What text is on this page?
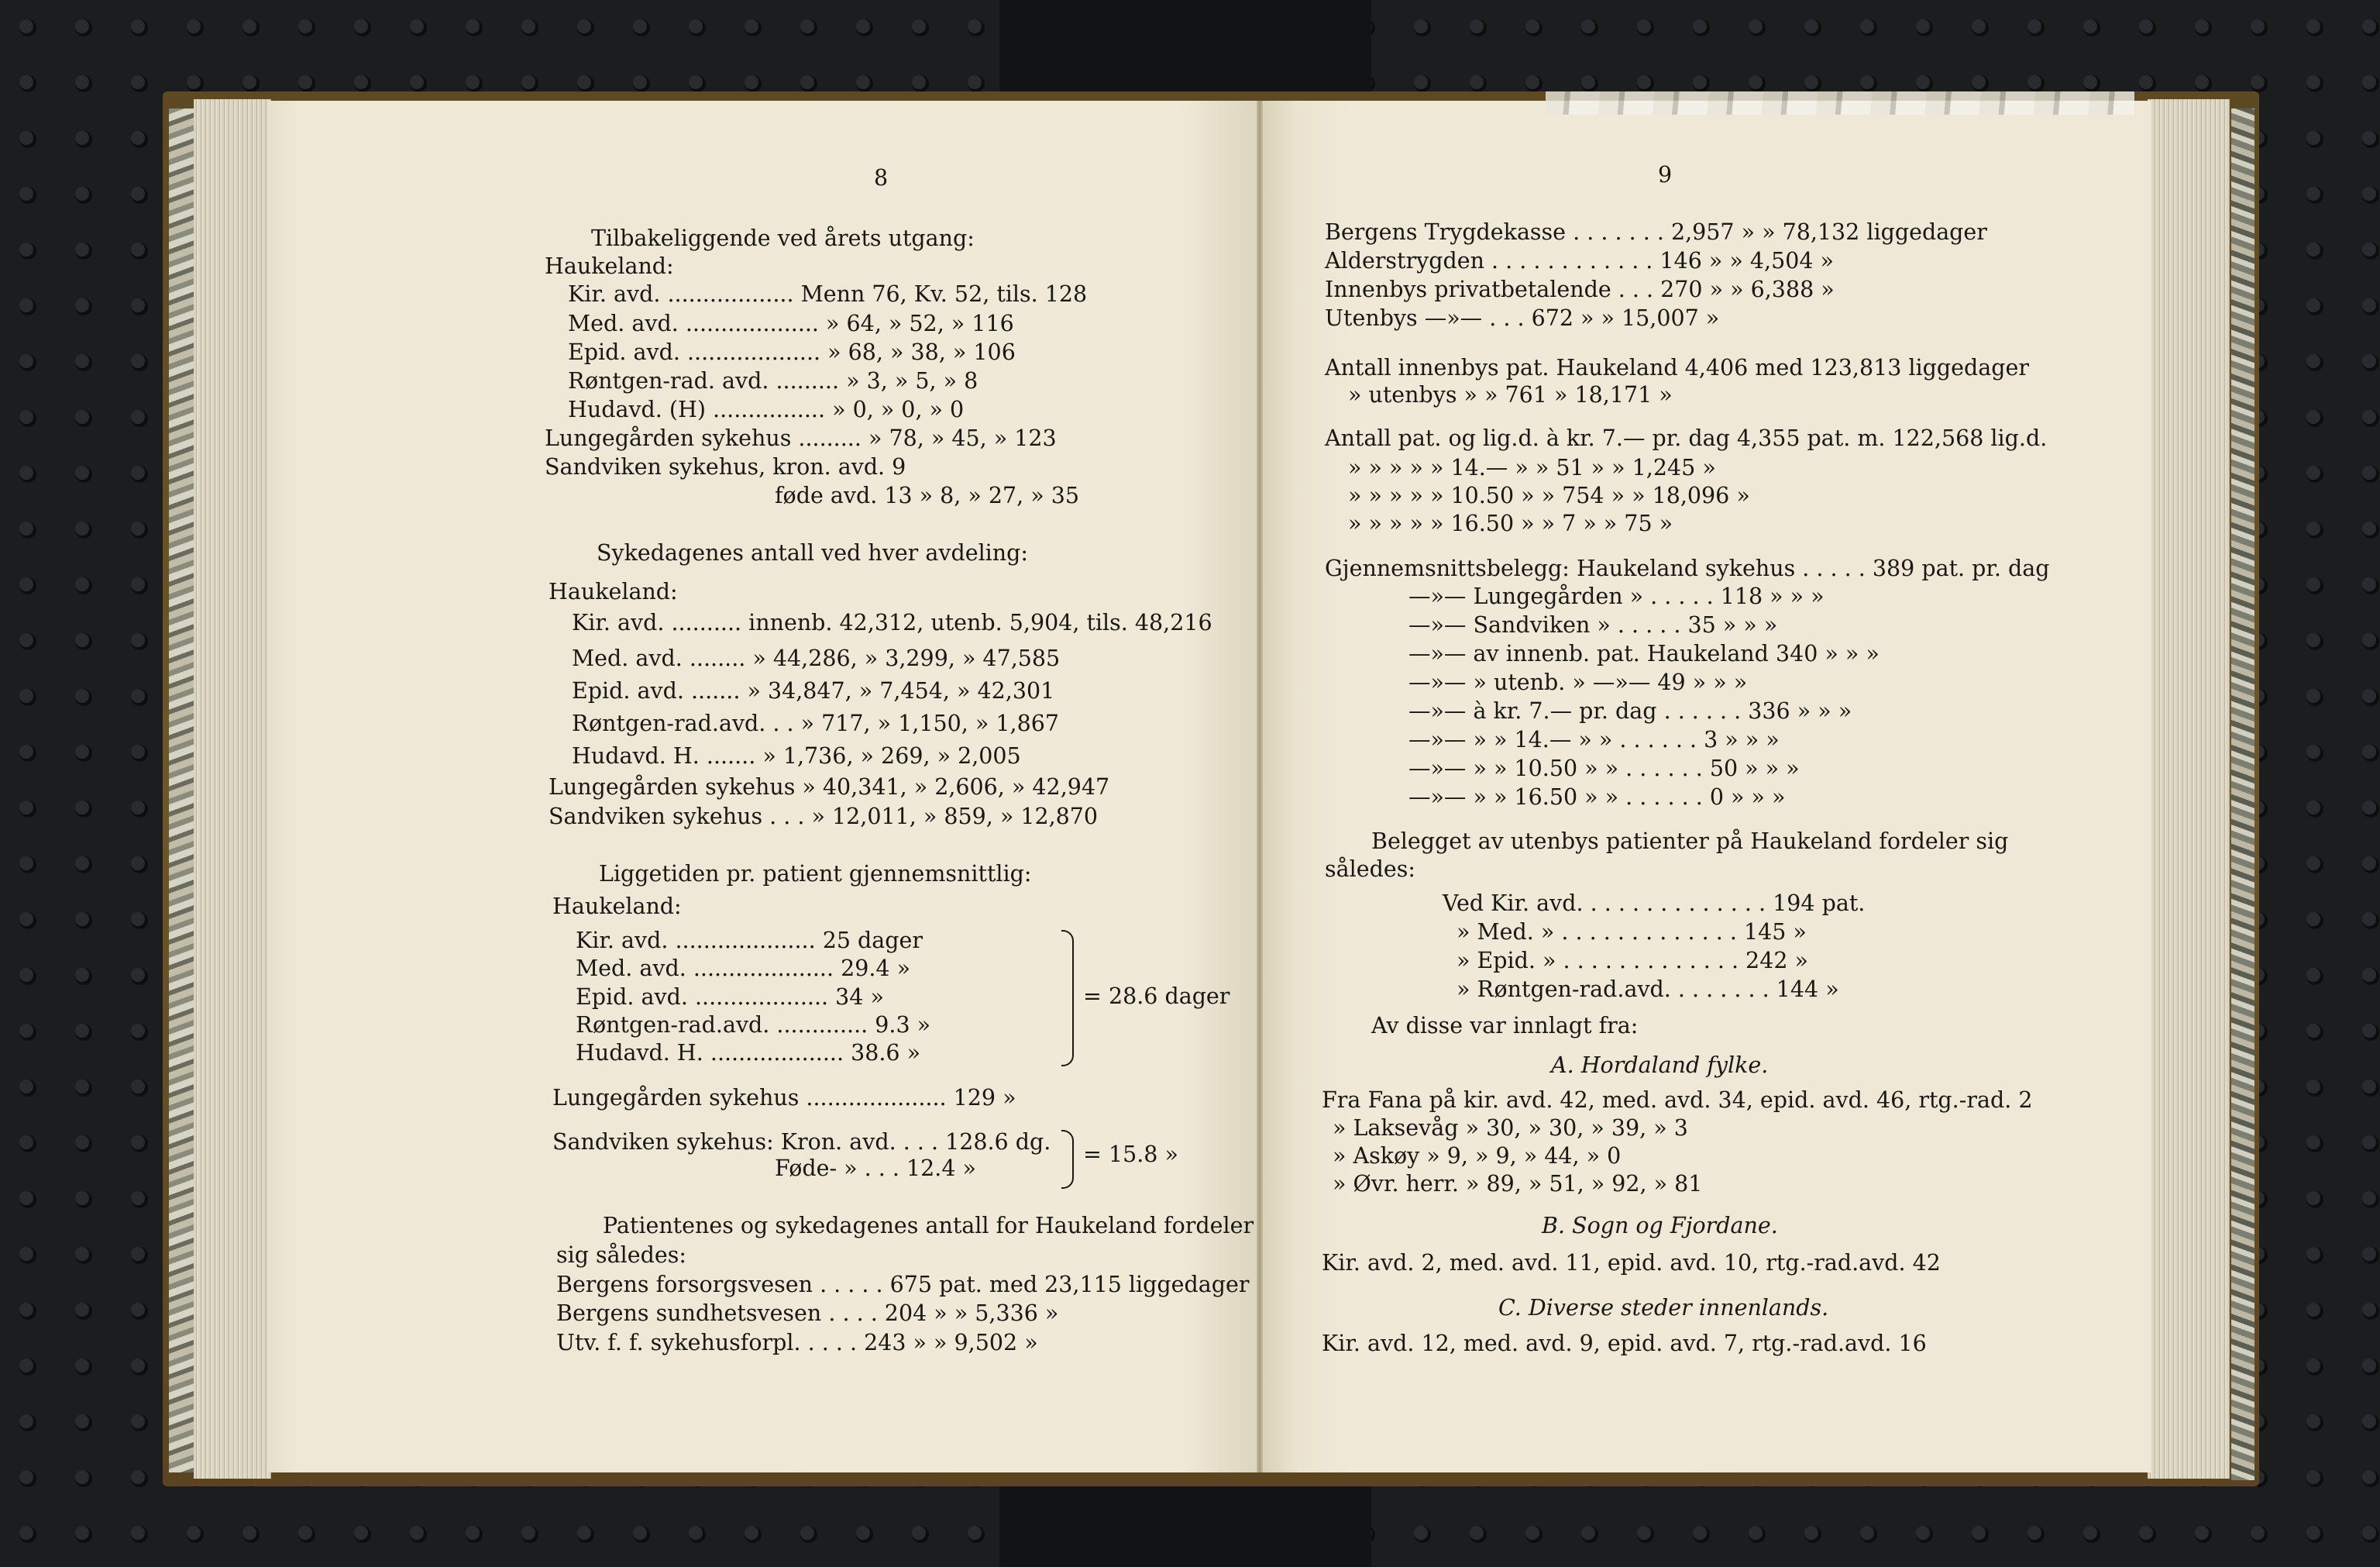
8
Tilbakeliggende ved årets utgang:
Haukeland:
Kir. avd. .................. Menn 76, Kv. 52, tils. 128
Med. avd. ................... » 64, » 52, » 116
Epid. avd. ................... » 68, » 38, » 106
Røntgen-rad. avd. ......... » 3, » 5, » 8
Hudavd. (H) ................ » 0, » 0, » 0
Lungegården sykehus ......... » 78, » 45, » 123
Sandviken sykehus, kron. avd. 9
føde avd. 13 » 8, » 27, » 35
Sykedagenes antall ved hver avdeling:
Haukeland:
Kir. avd. .......... innenb. 42,312, utenb. 5,904, tils. 48,216
Med. avd. ........ » 44,286, » 3,299, » 47,585
Epid. avd. ....... » 34,847, » 7,454, » 42,301
Røntgen-rad.avd. . . » 717, » 1,150, » 1,867
Hudavd. H. ....... » 1,736, » 269, » 2,005
Lungegården sykehus » 40,341, » 2,606, » 42,947
Sandviken sykehus . . . » 12,011, » 859, » 12,870
Liggetiden pr. patient gjennemsnittlig:
Haukeland:
Kir. avd. .................... 25 dager
Med. avd. .................... 29.4 »
Epid. avd. ................... 34 »
Røntgen-rad.avd. ............. 9.3 »
Hudavd. H. ................... 38.6 »
= 28.6 dager
Lungegården sykehus .................... 129 »
Sandviken sykehus: Kron. avd. . . . 128.6 dg.
Føde- » . . . 12.4 »
= 15.8 »
Patientenes og sykedagenes antall for Haukeland fordeler
sig således:
Bergens forsorgsvesen . . . . . 675 pat. med 23,115 liggedager
Bergens sundhetsvesen . . . . 204 » » 5,336 »
Utv. f. f. sykehusforpl. . . . . 243 » » 9,502 »
9
Bergens Trygdekasse . . . . . . . 2,957 » » 78,132 liggedager
Alderstrygden . . . . . . . . . . . . 146 » » 4,504 »
Innenbys privatbetalende . . . 270 » » 6,388 »
Utenbys —»— . . . 672 » » 15,007 »
Antall innenbys pat. Haukeland 4,406 med 123,813 liggedager
» utenbys » » 761 » 18,171 »
Antall pat. og lig.d. à kr. 7.— pr. dag 4,355 pat. m. 122,568 lig.d.
» » » » » 14.— » » 51 » » 1,245 »
» » » » » 10.50 » » 754 » » 18,096 »
» » » » » 16.50 » » 7 » » 75 »
Gjennemsnittsbelegg: Haukeland sykehus . . . . . 389 pat. pr. dag
—»— Lungegården » . . . . . 118 » » »
—»— Sandviken » . . . . . 35 » » »
—»— av innenb. pat. Haukeland 340 » » »
—»— » utenb. » —»— 49 » » »
—»— à kr. 7.— pr. dag . . . . . . 336 » » »
—»— » » 14.— » » . . . . . . 3 » » »
—»— » » 10.50 » » . . . . . . 50 » » »
—»— » » 16.50 » » . . . . . . 0 » » »
Belegget av utenbys patienter på Haukeland fordeler sig
således:
Ved Kir. avd. . . . . . . . . . . . . . 194 pat.
» Med. » . . . . . . . . . . . . . 145 »
» Epid. » . . . . . . . . . . . . . 242 »
» Røntgen-rad.avd. . . . . . . . 144 »
Av disse var innlagt fra:
A. Hordaland fylke.
Fra Fana på kir. avd. 42, med. avd. 34, epid. avd. 46, rtg.-rad. 2
» Laksevåg » 30, » 30, » 39, » 3
» Askøy » 9, » 9, » 44, » 0
» Øvr. herr. » 89, » 51, » 92, » 81
B. Sogn og Fjordane.
Kir. avd. 2, med. avd. 11, epid. avd. 10, rtg.-rad.avd. 42
C. Diverse steder innenlands.
Kir. avd. 12, med. avd. 9, epid. avd. 7, rtg.-rad.avd. 16
